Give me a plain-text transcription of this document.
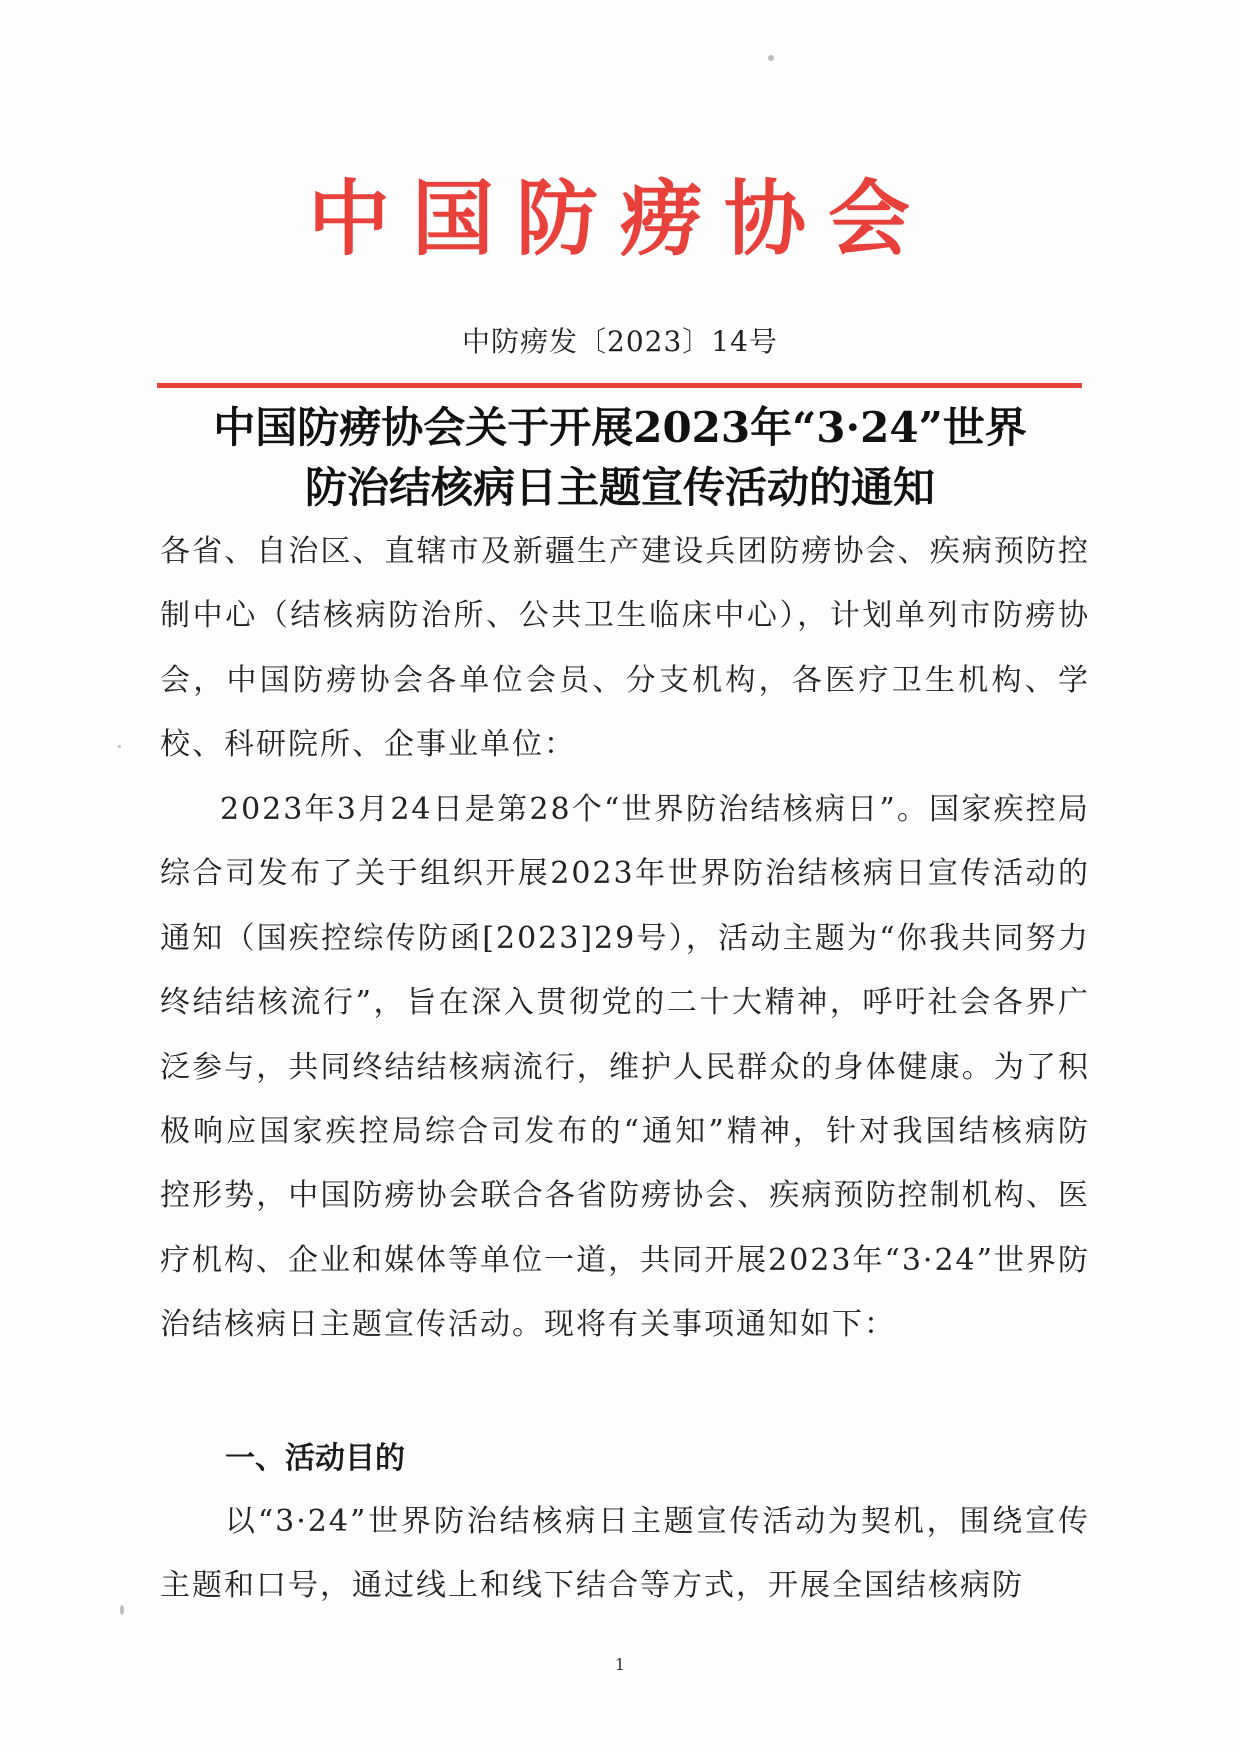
中国防痨协会
中防痨发〔2023〕14号
中国防痨协会关于开展2023年“3·24”世界
防治结核病日主题宣传活动的通知
各省、自治区、直辖市及新疆生产建设兵团防痨协会、疾病预防控制中心（结核病防治所、公共卫生临床中心），计划单列市防痨协会，中国防痨协会各单位会员、分支机构，各医疗卫生机构、学校、科研院所、企事业单位：
2023年3月24日是第28个“世界防治结核病日”。国家疾控局综合司发布了关于组织开展2023年世界防治结核病日宣传活动的通知（国疾控综传防函[2023]29号），活动主题为“你我共同努力 终结结核流行”，旨在深入贯彻党的二十大精神，呼吁社会各界广泛参与，共同终结结核病流行，维护人民群众的身体健康。为了积极响应国家疾控局综合司发布的“通知”精神，针对我国结核病防控形势，中国防痨协会联合各省防痨协会、疾病预防控制机构、医疗机构、企业和媒体等单位一道，共同开展2023年“3·24”世界防治结核病日主题宣传活动。现将有关事项通知如下：
一、活动目的
以“3·24”世界防治结核病日主题宣传活动为契机，围绕宣传主题和口号，通过线上和线下结合等方式，开展全国结核病防
1
